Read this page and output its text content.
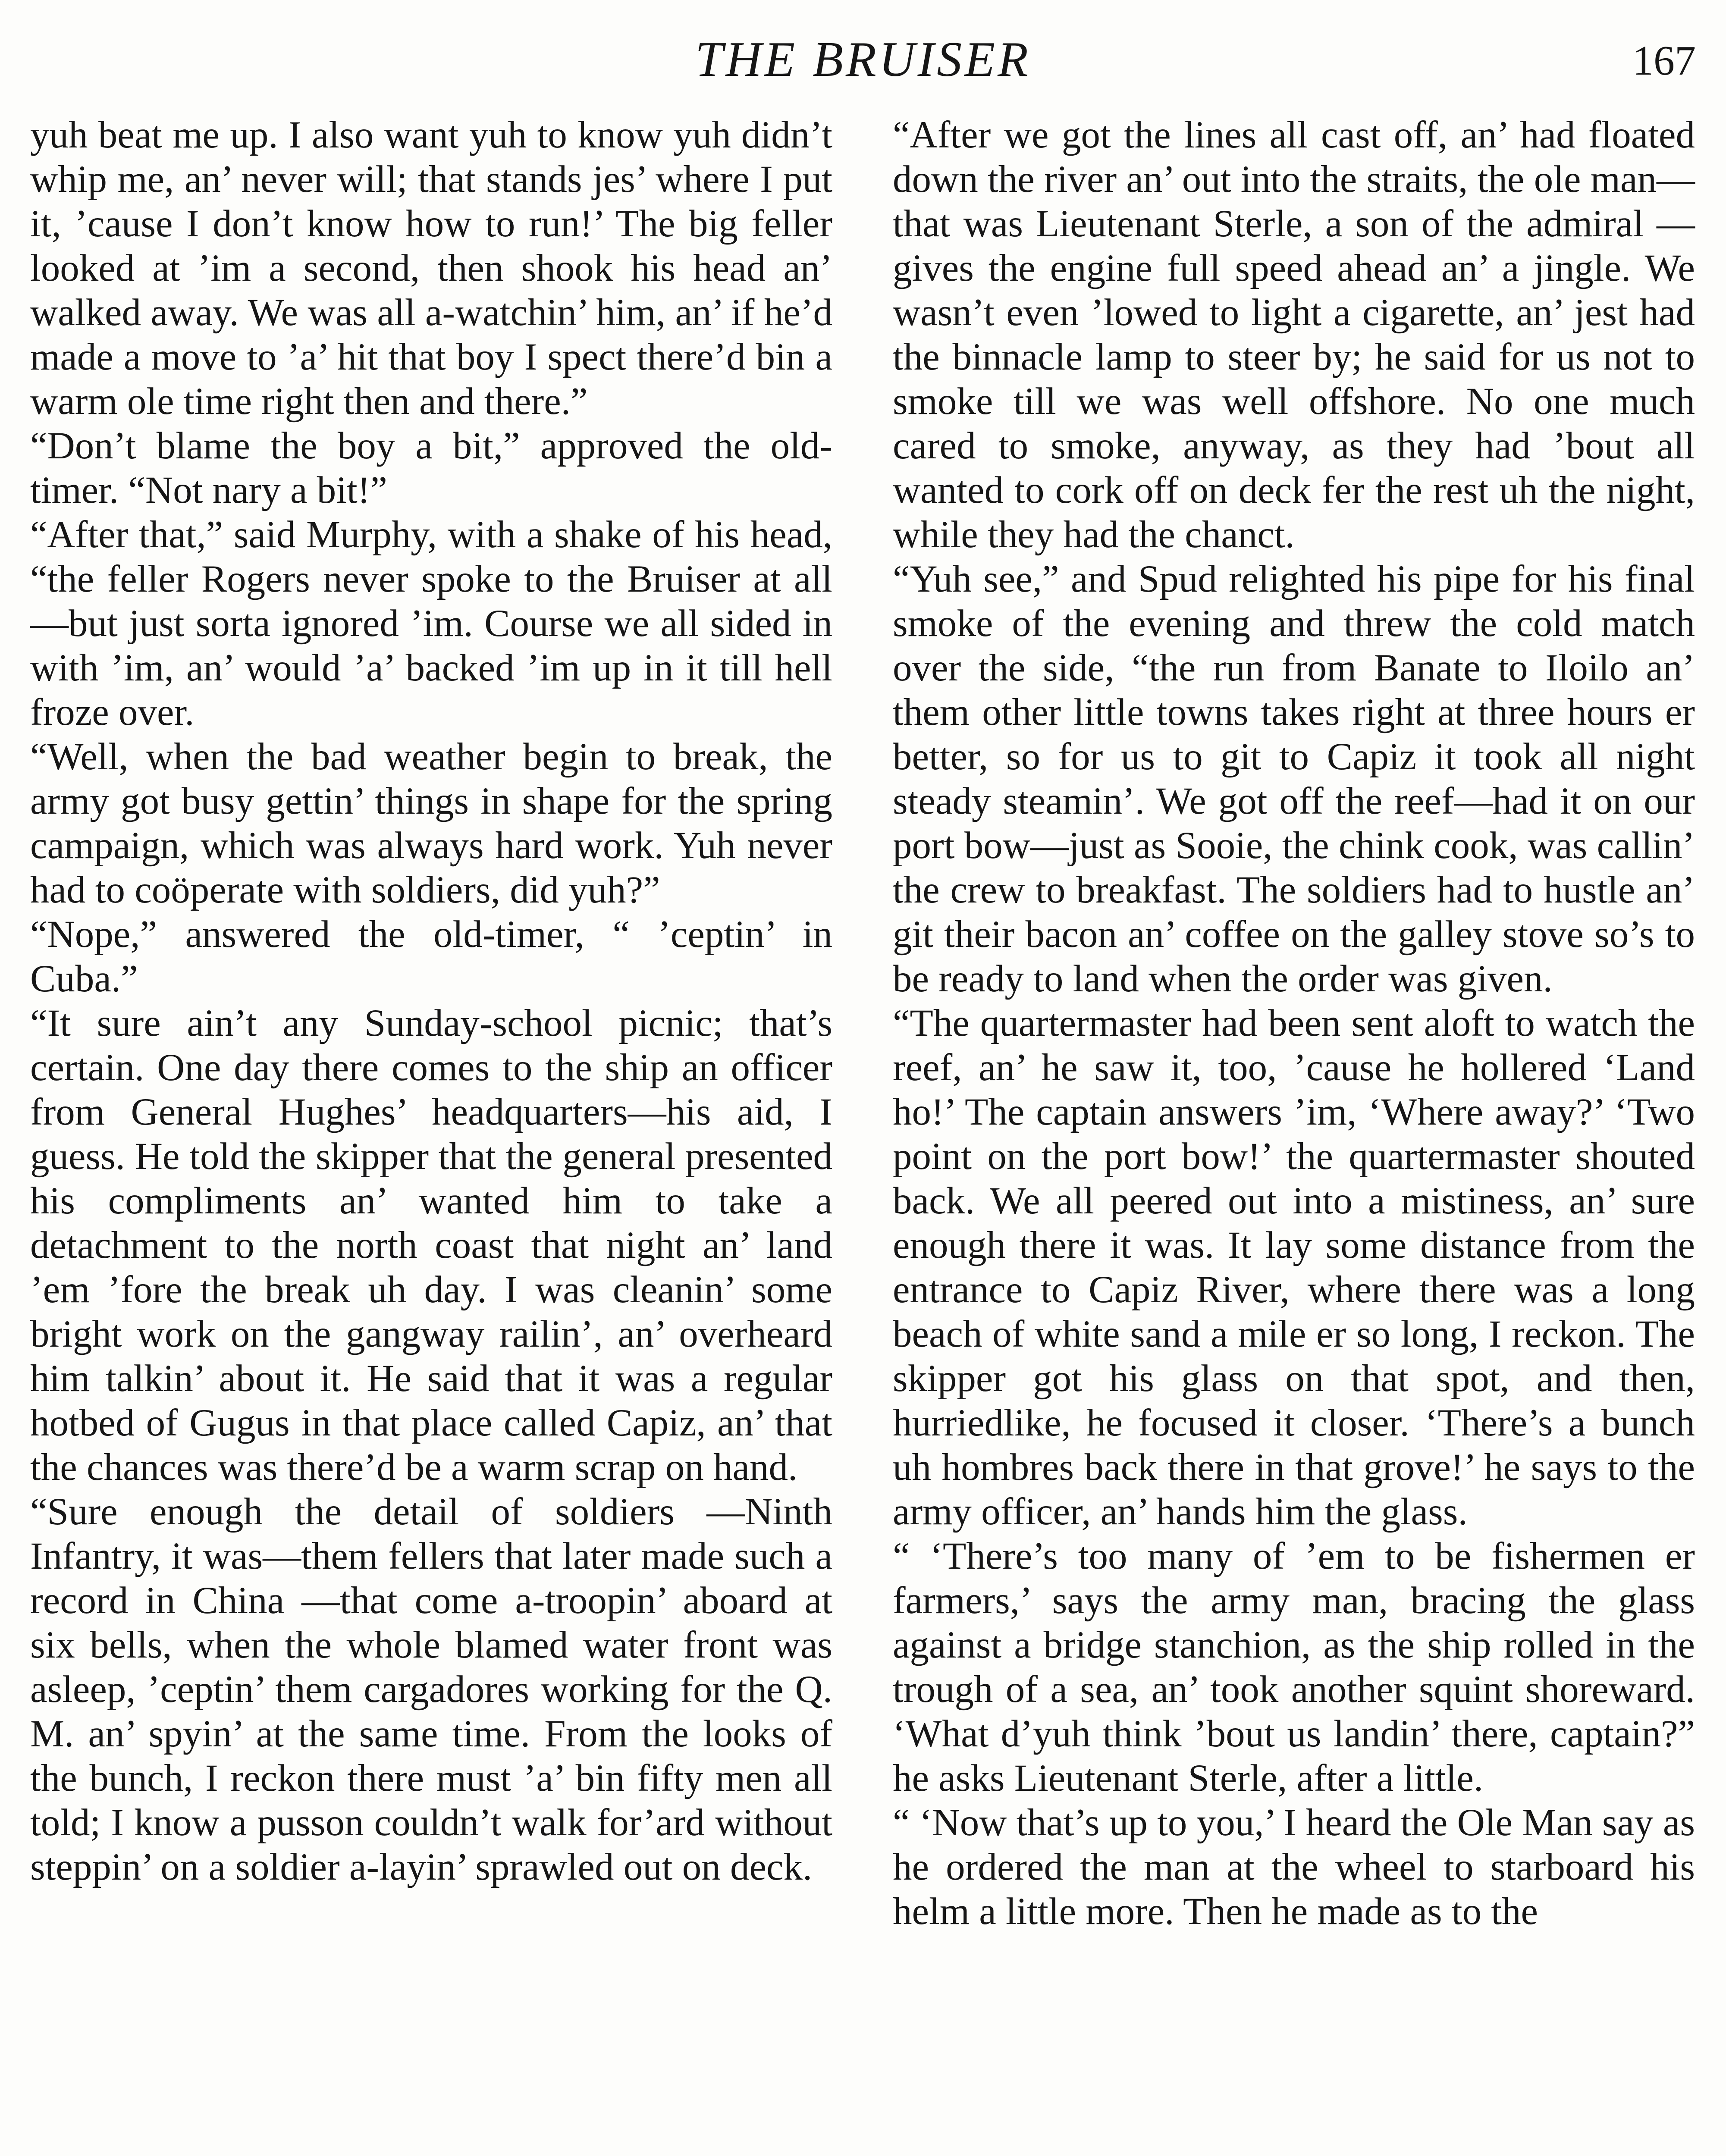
THE BRUISER	167

yuh beat me up. I also want yuh to know yuh didn’t whip me, an’ never will; that stands jes’ where I put it, ’cause I don’t know how to run!’ The big feller looked at ’im a second, then shook his head an’ walked away. We was all a-watchin’ him, an’ if he’d made a move to ’a’ hit that boy I spect there’d bin a warm ole time right then and there.”

“Don’t blame the boy a bit,” approved the old-timer. “Not nary a bit!”

“After that,” said Murphy, with a shake of his head, “the feller Rogers never spoke to the Bruiser at all—but just sorta ignored ’im. Course we all sided in with ’im, an’ would ’a’ backed ’im up in it till hell froze over.

“Well, when the bad weather begin to break, the army got busy gettin’ things in shape for the spring campaign, which was always hard work. Yuh never had to coöperate with soldiers, did yuh?”

“Nope,” answered the old-timer, “ ’ceptin’ in Cuba.”

“It sure ain’t any Sunday-school picnic; that’s certain. One day there comes to the ship an officer from General Hughes’ headquarters—his aid, I guess. He told the skipper that the general presented his compliments an’ wanted him to take a detachment to the north coast that night an’ land ’em ’fore the break uh day. I was cleanin’ some bright work on the gangway railin’, an’ overheard him talkin’ about it. He said that it was a regular hotbed of Gugus in that place called Capiz, an’ that the chances was there’d be a warm scrap on hand.

“Sure enough the detail of soldiers —Ninth Infantry, it was—them fellers that later made such a record in China —that come a-troopin’ aboard at six bells, when the whole blamed water front was asleep, ’ceptin’ them cargadores working for the Q. M. an’ spyin’ at the same time. From the looks of the bunch, I reckon there must ’a’ bin fifty men all told; I know a pusson couldn’t walk for’ard without steppin’ on a soldier a-layin’ sprawled out on deck.

“After we got the lines all cast off, an’ had floated down the river an’ out into the straits, the ole man—that was Lieutenant Sterle, a son of the admiral —gives the engine full speed ahead an’ a jingle. We wasn’t even ’lowed to light a cigarette, an’ jest had the binnacle lamp to steer by; he said for us not to smoke till we was well offshore. No one much cared to smoke, anyway, as they had ’bout all wanted to cork off on deck fer the rest uh the night, while they had the chanct.

“Yuh see,” and Spud relighted his pipe for his final smoke of the evening and threw the cold match over the side, “the run from Banate to Iloilo an’ them other little towns takes right at three hours er better, so for us to git to Capiz it took all night steady steamin’. We got off the reef—had it on our port bow—just as Sooie, the chink cook, was callin’ the crew to breakfast. The soldiers had to hustle an’ git their bacon an’ coffee on the galley stove so’s to be ready to land when the order was given.

“The quartermaster had been sent aloft to watch the reef, an’ he saw it, too, ’cause he hollered ‘Land ho!’ The captain answers ’im, ‘Where away?’ ‘Two point on the port bow!’ the quartermaster shouted back. We all peered out into a mistiness, an’ sure enough there it was. It lay some distance from the entrance to Capiz River, where there was a long beach of white sand a mile er so long, I reckon. The skipper got his glass on that spot, and then, hurriedlike, he focused it closer. ‘There’s a bunch uh hombres back there in that grove!’ he says to the army officer, an’ hands him the glass.

“ ‘There’s too many of ’em to be fishermen er farmers,’ says the army man, bracing the glass against a bridge stanchion, as the ship rolled in the trough of a sea, an’ took another squint shoreward. ‘What d’yuh think ’bout us landin’ there, captain?” he asks Lieutenant Sterle, after a little.

“ ‘Now that’s up to you,’ I heard the Ole Man say as he ordered the man at the wheel to starboard his helm a little more. Then he made as to the
